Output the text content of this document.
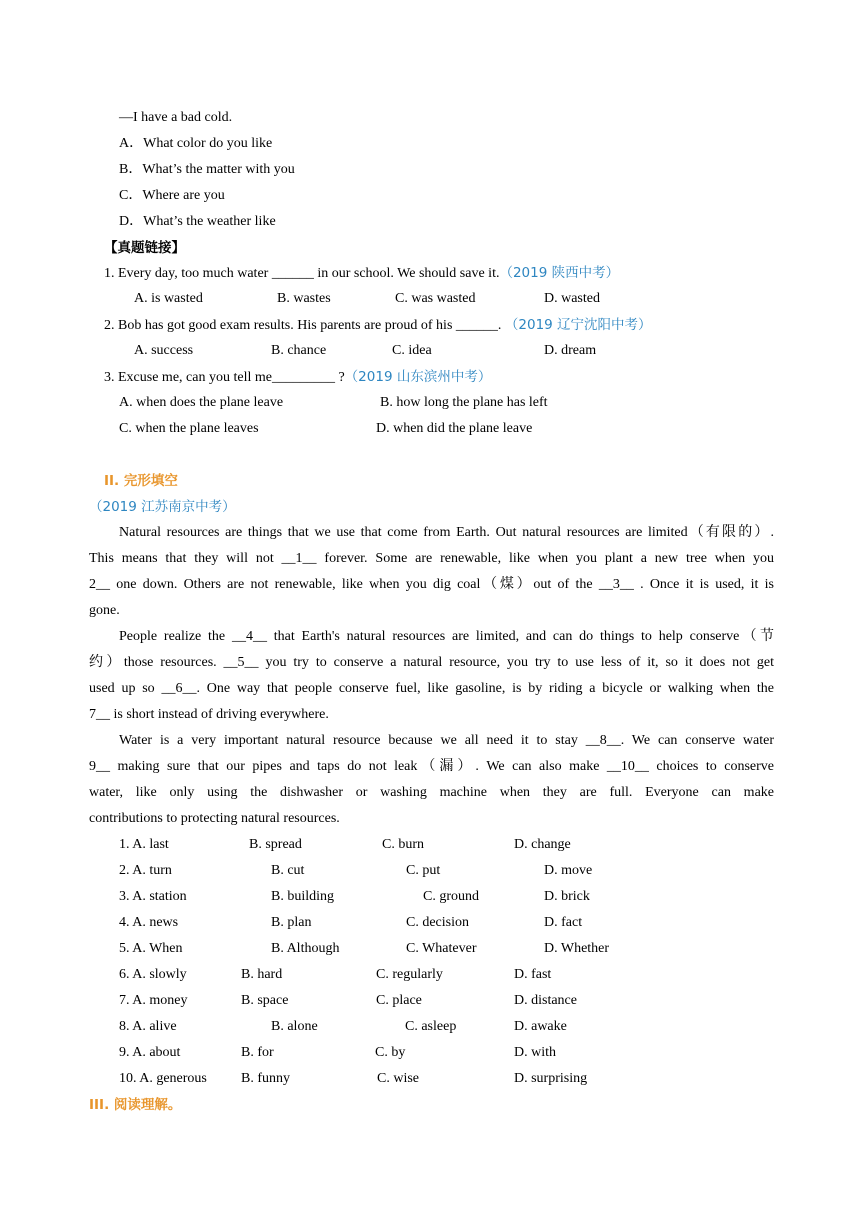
—I have a bad cold.
A．What color do you like
B．What’s the matter with you
C．Where are you
D．What’s the weather like
【真题链接】
1. Every day, too much water ______ in our school. We should save it.（2019 陕西中考）
A. is wasted	B. wastes	C. was wasted	D. wasted
2. Bob has got good exam results. His parents are proud of his ______. （2019 辽宁沈阳中考）
A. success	B. chance	C. idea	D. dream
3. Excuse me, can you tell me_________ ?（2019 山东滨州中考）
A. when does the plane leave	B. how long the plane has left
C. when the plane leaves	D. when did the plane leave
II. 完形填空
（2019 江苏南京中考）
Natural resources are things that we use that come from Earth. Out natural resources are limited（有限的）.
This means that they will not __1__ forever. Some are renewable, like when you plant a new tree when you
2__ one down. Others are not renewable, like when you dig coal（煤）out of the __3__ . Once it is used, it is
gone.
People realize the __4__ that Earth's natural resources are limited, and can do things to help conserve（节
约）those resources. __5__ you try to conserve a natural resource, you try to use less of it, so it does not get
used up so __6__. One way that people conserve fuel, like gasoline, is by riding a bicycle or walking when the
7__ is short instead of driving everywhere.
Water is a very important natural resource because we all need it to stay __8__. We can conserve water
9__ making sure that our pipes and taps do not leak（漏）. We can also make __10__ choices to conserve
water, like only using the dishwasher or washing machine when they are full. Everyone can make
contributions to protecting natural resources.
1. A. last	B. spread	C. burn	D. change
2. A. turn	B. cut	C. put	D. move
3. A. station	B. building	C. ground	D. brick
4. A. news	B. plan	C. decision	D. fact
5. A. When	B. Although	C. Whatever	D. Whether
6. A. slowly	B. hard	C. regularly	D. fast
7. A. money	B. space	C. place	D. distance
8. A. alive	B. alone	C. asleep	D. awake
9. A. about	B. for	C. by	D. with
10. A. generous B. funny	C. wise	D. surprising
III. 阅读理解。
